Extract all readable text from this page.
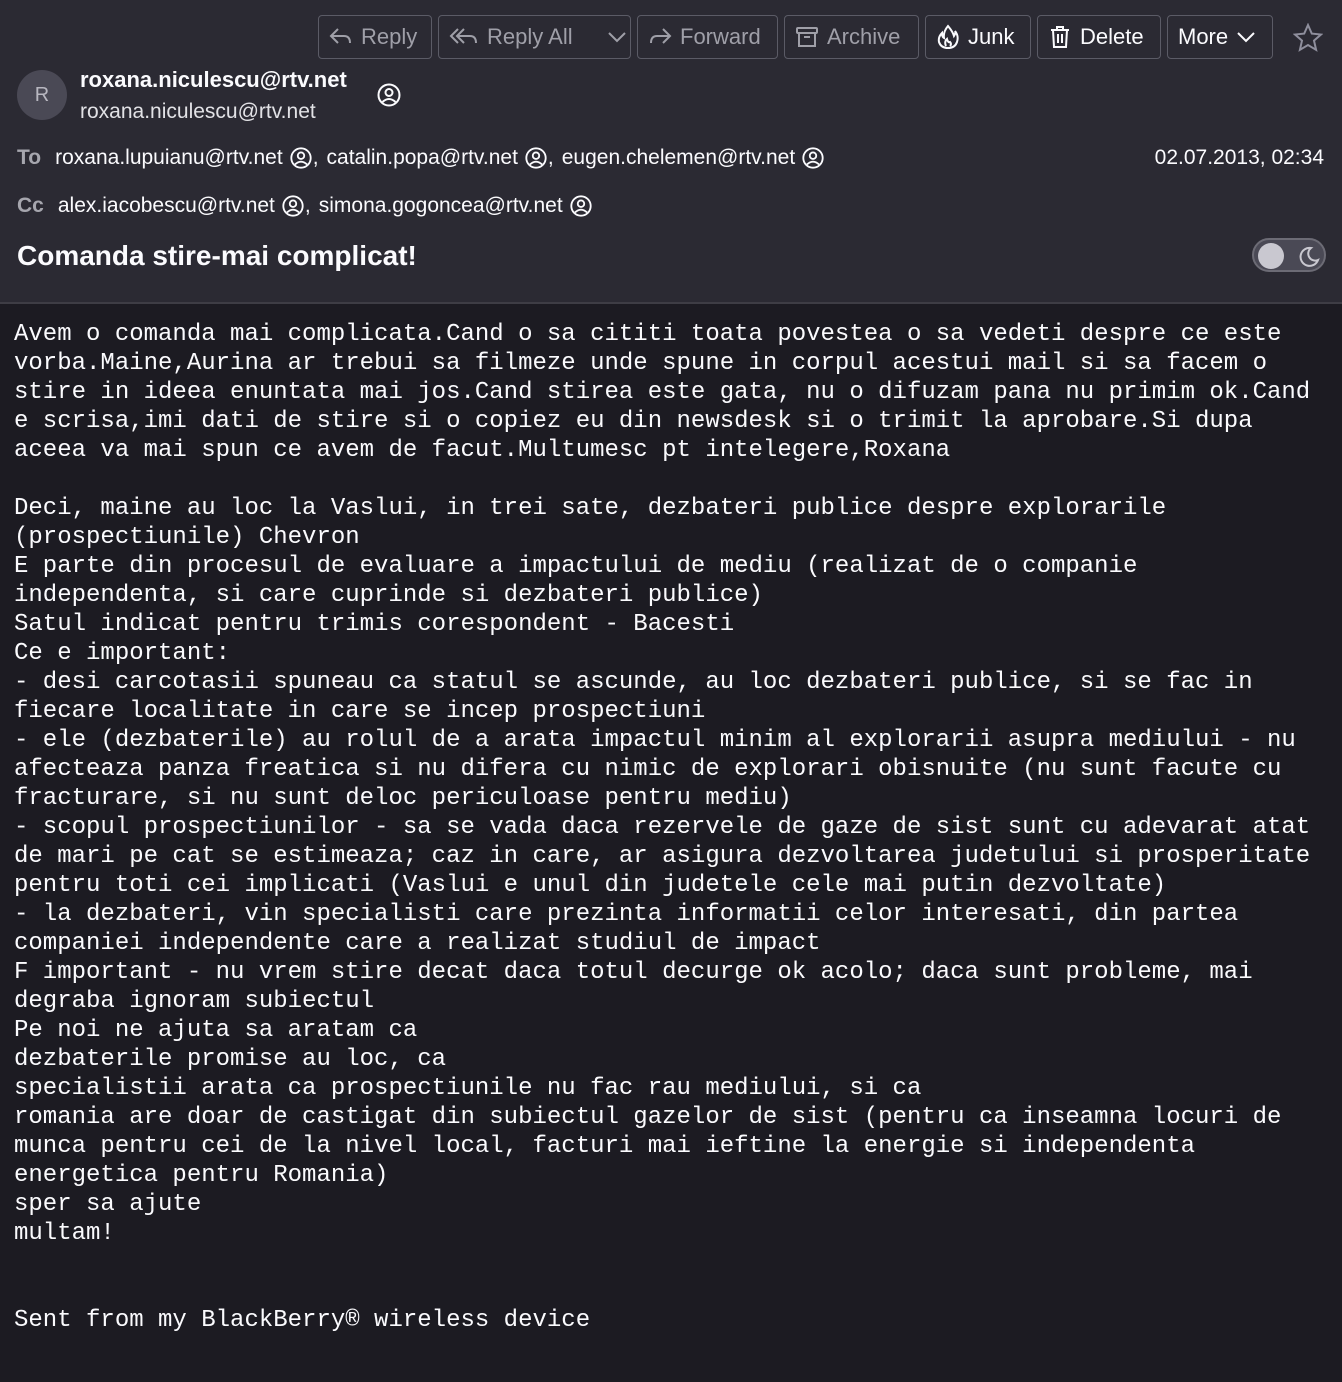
Reply	Reply All	Forward	Archive	Junk	Delete More
R
roxana.niculescu@rtv.net
roxana.niculescu@rtv.net
To roxana.lupuianu@rtv.net , catalin.popa@rtv.net , eugen.chelemen@rtv.net	02.07.2013, 02:34
Cc alex.iacobescu@rtv.net , simona.gogoncea@rtv.net
Comanda stire-mai complicat!
Avem o comanda mai complicata.Cand o sa cititi toata povestea o sa vedeti despre ce este vorba.Maine,Aurina ar trebui sa filmeze unde spune in corpul acestui mail si sa facem o stire in ideea enuntata mai jos.Cand stirea este gata, nu o difuzam pana nu primim ok.Cand e scrisa,imi dati de stire si o copiez eu din newsdesk si o trimit la aprobare.Si dupa aceea va mai spun ce avem de facut.Multumesc pt intelegere,Roxana

Deci, maine au loc la Vaslui, in trei sate, dezbateri publice despre explorarile (prospectiunile) Chevron
E parte din procesul de evaluare a impactului de mediu (realizat de o companie independenta, si care cuprinde si dezbateri publice)
Satul indicat pentru trimis corespondent - Bacesti
Ce e important:
- desi carcotasii spuneau ca statul se ascunde, au loc dezbateri publice, si se fac in fiecare localitate in care se incep prospectiuni
- ele (dezbaterile) au rolul de a arata impactul minim al explorarii asupra mediului - nu afecteaza panza freatica si nu difera cu nimic de explorari obisnuite (nu sunt facute cu fracturare, si nu sunt deloc periculoase pentru mediu)
- scopul prospectiunilor - sa se vada daca rezervele de gaze de sist sunt cu adevarat atat de mari pe cat se estimeaza; caz in care, ar asigura dezvoltarea judetului si prosperitate pentru toti cei implicati (Vaslui e unul din judetele cele mai putin dezvoltate)
- la dezbateri, vin specialisti care prezinta informatii celor interesati, din partea companiei independente care a realizat studiul de impact
F important - nu vrem stire decat daca totul decurge ok acolo; daca sunt probleme, mai degraba ignoram subiectul
Pe noi ne ajuta sa aratam ca
dezbaterile promise au loc, ca
specialistii arata ca prospectiunile nu fac rau mediului, si ca
romania are doar de castigat din subiectul gazelor de sist (pentru ca inseamna locuri de munca pentru cei de la nivel local, facturi mai ieftine la energie si independenta energetica pentru Romania)
sper sa ajute
multam!

Sent from my BlackBerry® wireless device
